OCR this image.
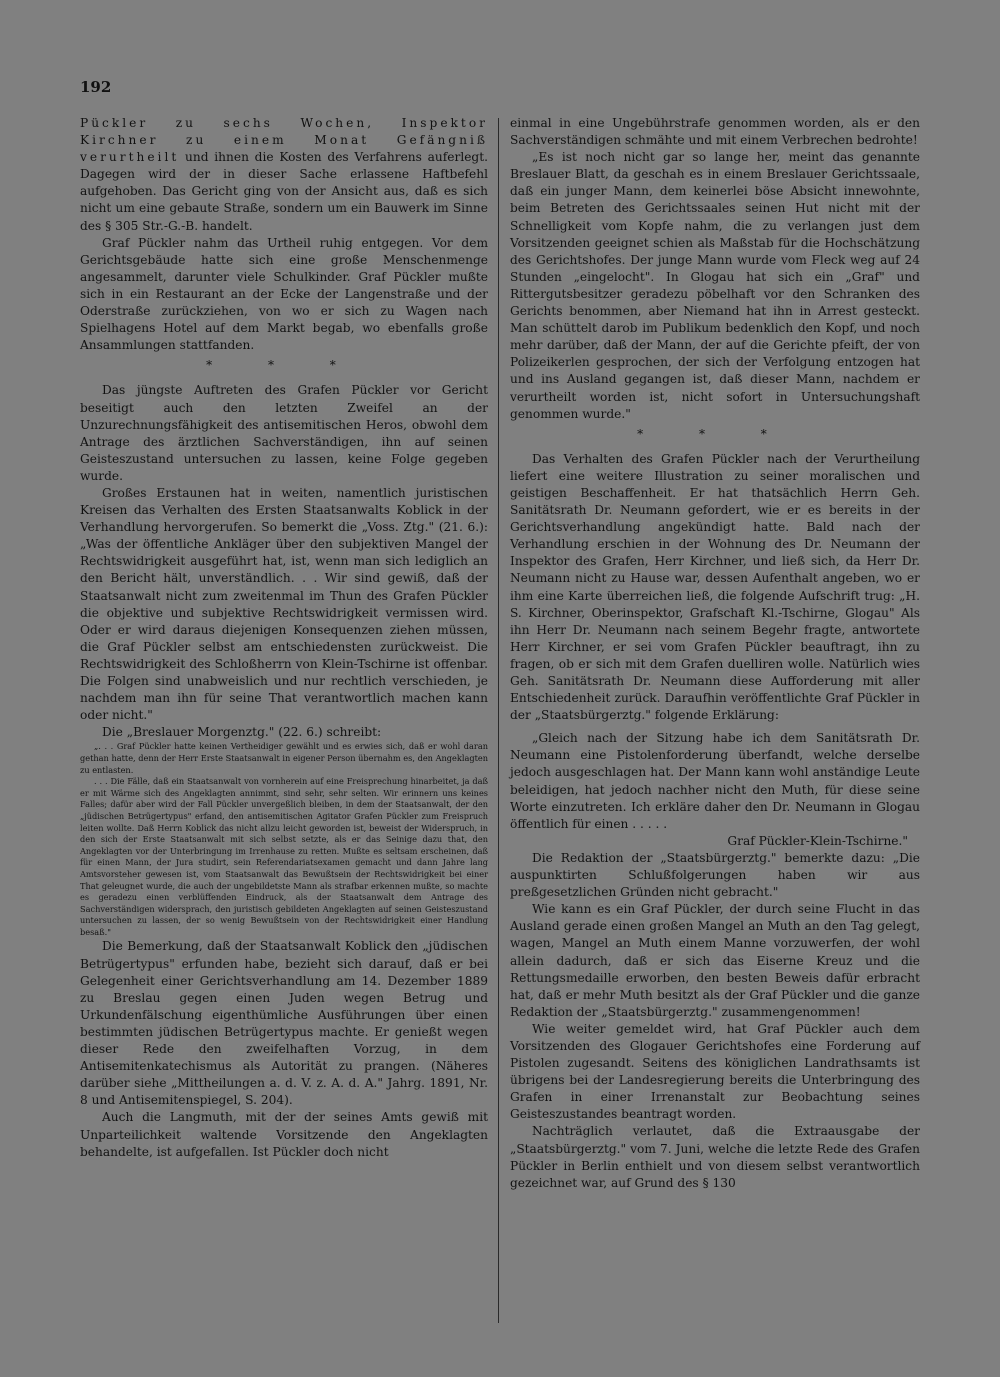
192

Pückler zu sechs Wochen, Inspektor Kirchner zu einem Monat Gefängniß verurtheilt und ihnen die Kosten des Verfahrens auferlegt. Dagegen wird der in dieser Sache erlassene Haftbefehl aufgehoben. Das Gericht ging von der Ansicht aus, daß es sich nicht um eine gebaute Straße, sondern um ein Bauwerk im Sinne des § 305 Str.-G.-B. handelt.

Graf Pückler nahm das Urtheil ruhig entgegen. Vor dem Gerichtsgebäude hatte sich eine große Menschenmenge angesammelt, darunter viele Schulkinder. Graf Pückler mußte sich in ein Restaurant an der Ecke der Langenstraße und der Oderstraße zurückziehen, von wo er sich zu Wagen nach Spielhagens Hotel auf dem Markt begab, wo ebenfalls große Ansammlungen stattfanden.

* * *

Das jüngste Auftreten des Grafen Pückler vor Gericht beseitigt auch den letzten Zweifel an der Unzurechnungsfähigkeit des antisemitischen Heros, obwohl dem Antrage des ärztlichen Sachverständigen, ihn auf seinen Geisteszustand untersuchen zu lassen, keine Folge gegeben wurde.

Großes Erstaunen hat in weiten, namentlich juristischen Kreisen das Verhalten des Ersten Staatsanwalts Koblick in der Verhandlung hervorgerufen. So bemerkt die „Voss. Ztg." (21. 6.): „Was der öffentliche Ankläger über den subjektiven Mangel der Rechtswidrigkeit ausgeführt hat, ist, wenn man sich lediglich an den Bericht hält, unverständlich. . . Wir sind gewiß, daß der Staatsanwalt nicht zum zweitenmal im Thun des Grafen Pückler die objektive und subjektive Rechtswidrigkeit vermissen wird. Oder er wird daraus diejenigen Konsequenzen ziehen müssen, die Graf Pückler selbst am entschiedensten zurückweist. Die Rechtswidrigkeit des Schloßherrn von Klein-Tschirne ist offenbar. Die Folgen sind unabweislich und nur rechtlich verschieden, je nachdem man ihn für seine That verantwortlich machen kann oder nicht."

Die „Breslauer Morgenztg." (22. 6.) schreibt:

„. . . Graf Pückler hatte keinen Vertheidiger gewählt und es erwies sich, daß er wohl daran gethan hatte, denn der Herr Erste Staatsanwalt in eigener Person übernahm es, den Angeklagten zu entlasten.

. . . Die Fälle, daß ein Staatsanwalt von vornherein auf eine Freisprechung hinarbeitet, ja daß er mit Wärme sich des Angeklagten annimmt, sind sehr, sehr selten. Wir erinnern uns keines Falles; dafür aber wird der Fall Pückler unvergeßlich bleiben, in dem der Staatsanwalt, der den „jüdischen Betrügertypus" erfand, den antisemitischen Agitator Grafen Pückler zum Freispruch leiten wollte. Daß Herrn Koblick das nicht allzu leicht geworden ist, beweist der Widerspruch, in den sich der Erste Staatsanwalt mit sich selbst setzte, als er das Seinige dazu that, den Angeklagten vor der Unterbringung im Irrenhause zu retten. Mußte es seltsam erscheinen, daß für einen Mann, der Jura studirt, sein Referendariatsexamen gemacht und dann Jahre lang Amtsvorsteher gewesen ist, vom Staatsanwalt das Bewußtsein der Rechtswidrigkeit bei einer That geleugnet wurde, die auch der ungebildetste Mann als strafbar erkennen mußte, so machte es geradezu einen verblüffenden Eindruck, als der Staatsanwalt dem Antrage des Sachverständigen widersprach, den juristisch gebildeten Angeklagten auf seinen Geisteszustand untersuchen zu lassen, der so wenig Bewußtsein von der Rechtswidrigkeit einer Handlung besaß."

Die Bemerkung, daß der Staatsanwalt Koblick den „jüdischen Betrügertypus" erfunden habe, bezieht sich darauf, daß er bei Gelegenheit einer Gerichtsverhandlung am 14. Dezember 1889 zu Breslau gegen einen Juden wegen Betrug und Urkundenfälschung eigenthümliche Ausführungen über einen bestimmten jüdischen Betrügertypus machte. Er genießt wegen dieser Rede den zweifelhaften Vorzug, in dem Antisemitenkatechismus als Autorität zu prangen. (Näheres darüber siehe „Mittheilungen a. d. V. z. A. d. A." Jahrg. 1891, Nr. 8 und Antisemitenspiegel, S. 204).

Auch die Langmuth, mit der der seines Amts gewiß mit Unparteilichkeit waltende Vorsitzende den Angeklagten behandelte, ist aufgefallen. Ist Pückler doch nicht

einmal in eine Ungebührstrafe genommen worden, als er den Sachverständigen schmähte und mit einem Verbrechen bedrohte!

„Es ist noch nicht gar so lange her, meint das genannte Breslauer Blatt, da geschah es in einem Breslauer Gerichtssaale, daß ein junger Mann, dem keinerlei böse Absicht innewohnte, beim Betreten des Gerichtssaales seinen Hut nicht mit der Schnelligkeit vom Kopfe nahm, die zu verlangen just dem Vorsitzenden geeignet schien als Maßstab für die Hochschätzung des Gerichtshofes. Der junge Mann wurde vom Fleck weg auf 24 Stunden „eingelocht". In Glogau hat sich ein „Graf" und Rittergutsbesitzer geradezu pöbelhaft vor den Schranken des Gerichts benommen, aber Niemand hat ihn in Arrest gesteckt. Man schüttelt darob im Publikum bedenklich den Kopf, und noch mehr darüber, daß der Mann, der auf die Gerichte pfeift, der von Polizeikerlen gesprochen, der sich der Verfolgung entzogen hat und ins Ausland gegangen ist, daß dieser Mann, nachdem er verurtheilt worden ist, nicht sofort in Untersuchungshaft genommen wurde."

* * *

Das Verhalten des Grafen Pückler nach der Verurtheilung liefert eine weitere Illustration zu seiner moralischen und geistigen Beschaffenheit. Er hat thatsächlich Herrn Geh. Sanitätsrath Dr. Neumann gefordert, wie er es bereits in der Gerichtsverhandlung angekündigt hatte. Bald nach der Verhandlung erschien in der Wohnung des Dr. Neumann der Inspektor des Grafen, Herr Kirchner, und ließ sich, da Herr Dr. Neumann nicht zu Hause war, dessen Aufenthalt angeben, wo er ihm eine Karte überreichen ließ, die folgende Aufschrift trug: „H. S. Kirchner, Oberinspektor, Grafschaft Kl.-Tschirne, Glogau" Als ihn Herr Dr. Neumann nach seinem Begehr fragte, antwortete Herr Kirchner, er sei vom Grafen Pückler beauftragt, ihn zu fragen, ob er sich mit dem Grafen duelliren wolle. Natürlich wies Geh. Sanitätsrath Dr. Neumann diese Aufforderung mit aller Entschiedenheit zurück. Daraufhin veröffentlichte Graf Pückler in der „Staatsbürgerztg." folgende Erklärung:

„Gleich nach der Sitzung habe ich dem Sanitätsrath Dr. Neumann eine Pistolenforderung überfandt, welche derselbe jedoch ausgeschlagen hat. Der Mann kann wohl anständige Leute beleidigen, hat jedoch nachher nicht den Muth, für diese seine Worte einzutreten. Ich erkläre daher den Dr. Neumann in Glogau öffentlich für einen . . . . .

Graf Pückler-Klein-Tschirne."

Die Redaktion der „Staatsbürgerztg." bemerkte dazu: „Die auspunktirten Schlußfolgerungen haben wir aus preßgesetzlichen Gründen nicht gebracht."

Wie kann es ein Graf Pückler, der durch seine Flucht in das Ausland gerade einen großen Mangel an Muth an den Tag gelegt, wagen, Mangel an Muth einem Manne vorzuwerfen, der wohl allein dadurch, daß er sich das Eiserne Kreuz und die Rettungsmedaille erworben, den besten Beweis dafür erbracht hat, daß er mehr Muth besitzt als der Graf Pückler und die ganze Redaktion der „Staatsbürgerztg." zusammengenommen!

Wie weiter gemeldet wird, hat Graf Pückler auch dem Vorsitzenden des Glogauer Gerichtshofes eine Forderung auf Pistolen zugesandt. Seitens des königlichen Landrathsamts ist übrigens bei der Landesregierung bereits die Unterbringung des Grafen in einer Irrenanstalt zur Beobachtung seines Geisteszustandes beantragt worden.

Nachträglich verlautet, daß die Extraausgabe der „Staatsbürgerztg." vom 7. Juni, welche die letzte Rede des Grafen Pückler in Berlin enthielt und von diesem selbst verantwortlich gezeichnet war, auf Grund des § 130
